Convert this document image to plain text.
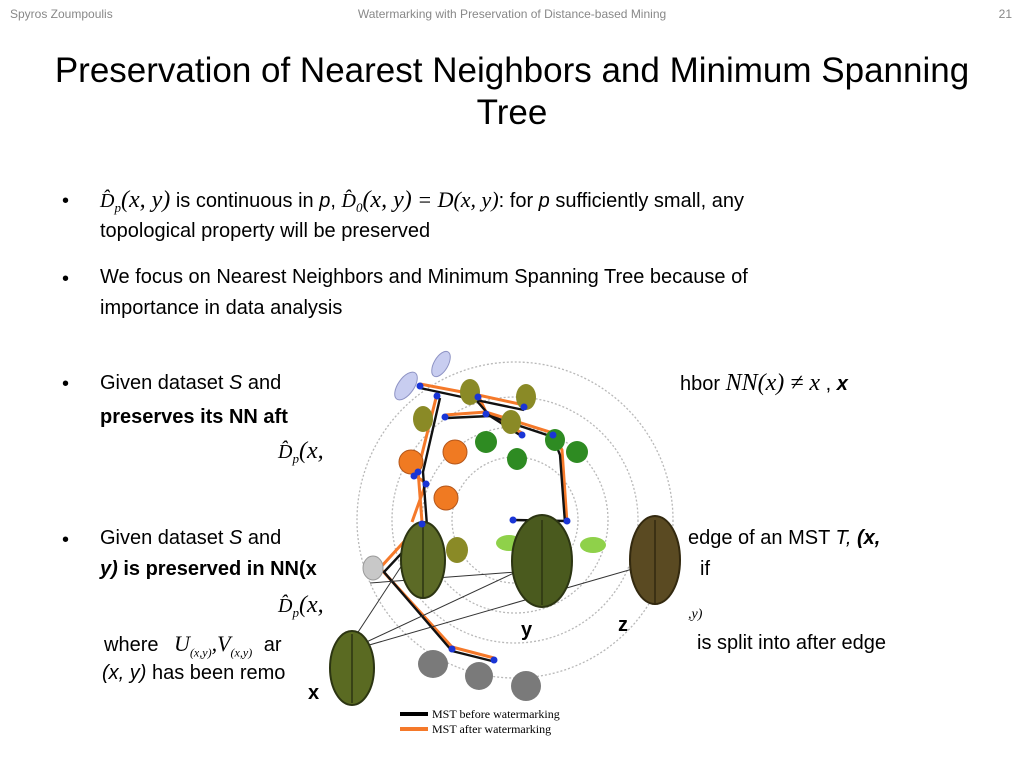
Spyros Zoumpoulis	Watermarking with Preservation of Distance-based Mining	21
Preservation of Nearest Neighbors and Minimum Spanning Tree
• $D̂_p(x$, y) is continuous in p, $D̂_0(x$, y) = D(x, y): for p sufficiently small, any
topological property will be preserved
• We focus on Nearest Neighbors and Minimum Spanning Tree because of
importance in data analysis
• Given dataset S and	hbor NN(x) ≠ x , x
preserves its NN aft
$D̂_p(x$,
• Given dataset S and	edge of an MST T, (x,
y) is preserved in NN(x	if
$D̂_p(x$,	,y)
where $U_{(x,y)},V_{(x,y)}$ ar	is split into after edge
(x, y) has been remo
MST before watermarking
MST after watermarking
x
y	z
